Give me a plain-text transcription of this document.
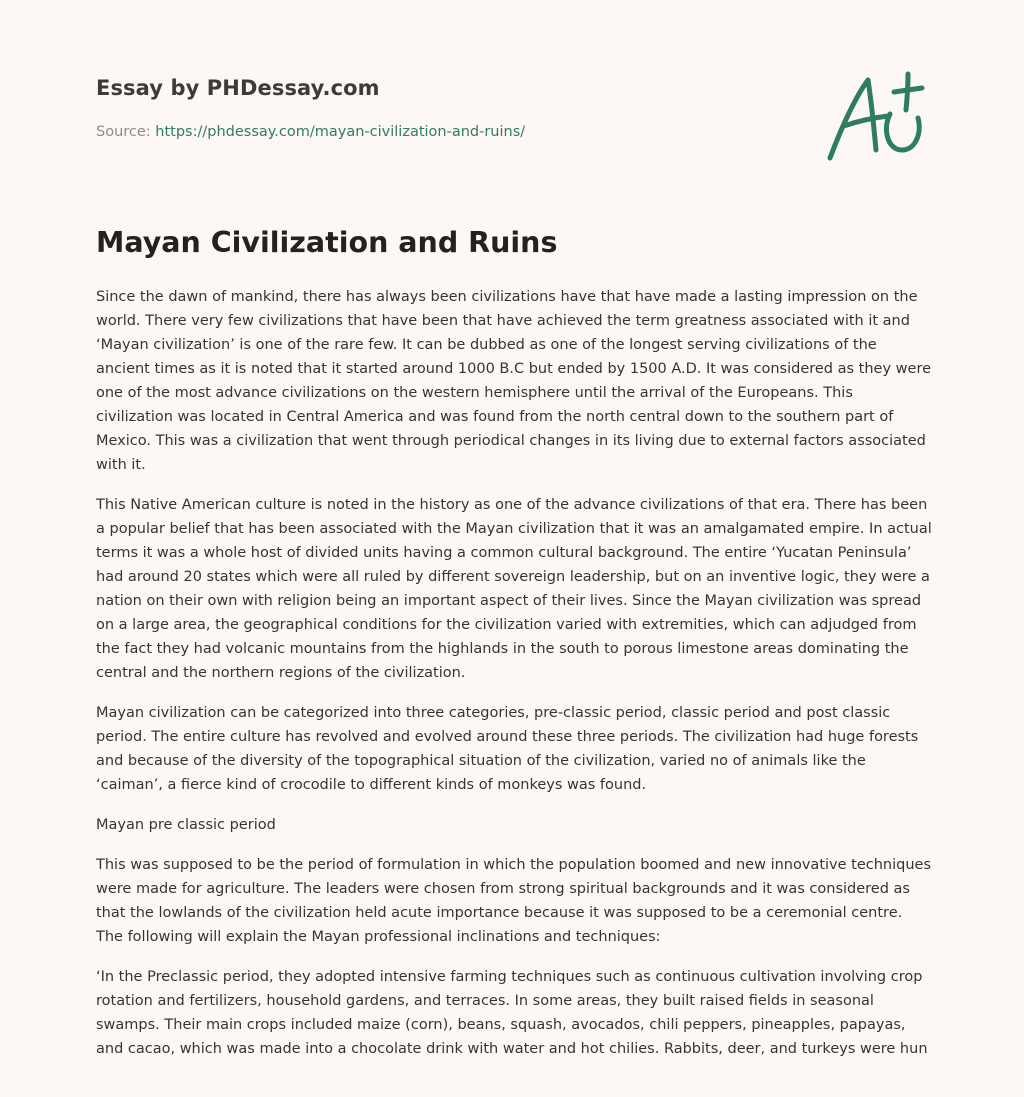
Essay by PHDessay.com

Source: https://phdessay.com/mayan-civilization-and-ruins/

Mayan Civilization and Ruins

Since the dawn of mankind, there has always been civilizations have that have made a lasting impression on the world. There very few civilizations that have been that have achieved the term greatness associated with it and ‘Mayan civilization’ is one of the rare few. It can be dubbed as one of the longest serving civilizations of the ancient times as it is noted that it started around 1000 B.C but ended by 1500 A.D. It was considered as they were one of the most advance civilizations on the western hemisphere until the arrival of the Europeans. This civilization was located in Central America and was found from the north central down to the southern part of Mexico. This was a civilization that went through periodical changes in its living due to external factors associated with it.

This Native American culture is noted in the history as one of the advance civilizations of that era. There has been a popular belief that has been associated with the Mayan civilization that it was an amalgamated empire. In actual terms it was a whole host of divided units having a common cultural background. The entire ‘Yucatan Peninsula’ had around 20 states which were all ruled by different sovereign leadership, but on an inventive logic, they were a nation on their own with religion being an important aspect of their lives. Since the Mayan civilization was spread on a large area, the geographical conditions for the civilization varied with extremities, which can adjudged from the fact they had volcanic mountains from the highlands in the south to porous limestone areas dominating the central and the northern regions of the civilization.

Mayan civilization can be categorized into three categories, pre-classic period, classic period and post classic period. The entire culture has revolved and evolved around these three periods. The civilization had huge forests and because of the diversity of the topographical situation of the civilization, varied no of animals like the ‘caiman’, a fierce kind of crocodile to different kinds of monkeys was found.

Mayan pre classic period

This was supposed to be the period of formulation in which the population boomed and new innovative techniques were made for agriculture. The leaders were chosen from strong spiritual backgrounds and it was considered as that the lowlands of the civilization held acute importance because it was supposed to be a ceremonial centre. The following will explain the Mayan professional inclinations and techniques:

‘In the Preclassic period, they adopted intensive farming techniques such as continuous cultivation involving crop rotation and fertilizers, household gardens, and terraces. In some areas, they built raised fields in seasonal swamps. Their main crops included maize (corn), beans, squash, avocados, chili peppers, pineapples, papayas, and cacao, which was made into a chocolate drink with water and hot chilies. Rabbits, deer, and turkeys were hun
